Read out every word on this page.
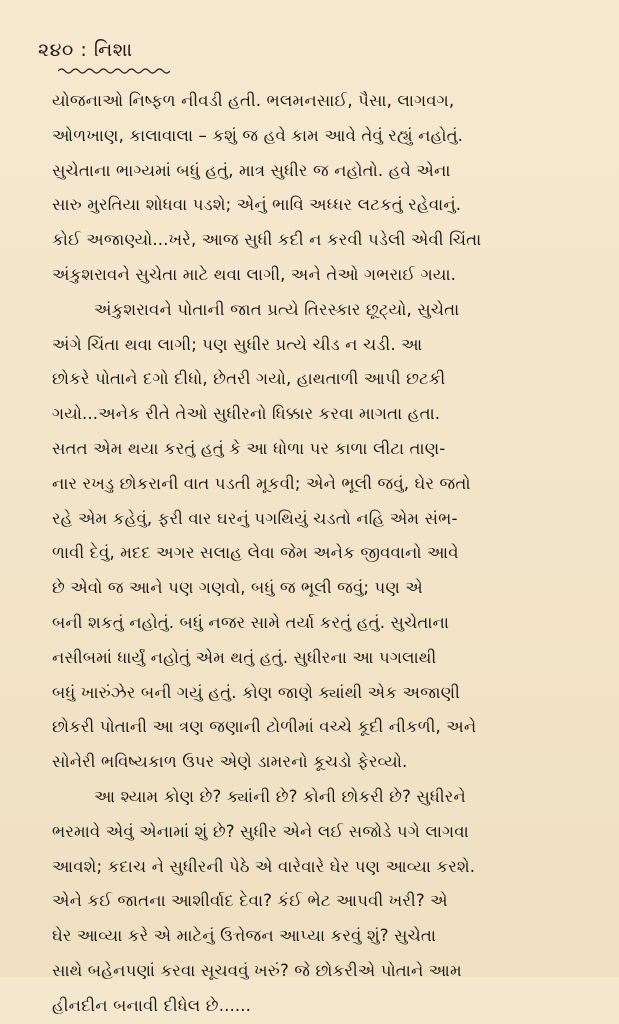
૨૪૦ : નિશા
યોજનાઓ નિષ્ફળ નીવડી હતી. ભલમનસાઈ, પૈસા, લાગવગ,
ઓળખાણ, કાલાવાલા – કશું જ હવે કામ આવે તેવું રહ્યું નહોતું.
સુચેતાના ભાગ્યમાં બધું હતું, માત્ર સુધીર જ નહોતો. હવે એના
સારુ મુરતિયા શોધવા પડશે; એનું ભાવિ અધ્ધર લટકતું રહેવાનું.
કોઈ અજાણ્યો...ખરે, આજ સુધી કદી ન કરવી પડેલી એવી ચિંતા
અંકુશરાવને સુચેતા માટે થવા લાગી, અને તેઓ ગભરાઈ ગયા.
અંકુશરાવને પોતાની જાત પ્રત્યે તિરસ્કાર છૂટ્યો, સુચેતા
અંગે ચિંતા થવા લાગી; પણ સુધીર પ્રત્યે ચીડ ન ચડી. આ
છોકરે પોતાને દગો દીધો, છેતરી ગયો, હાથતાળી આપી છટકી
ગયો...અનેક રીતે તેઓ સુધીરનો ધિક્કાર કરવા માગતા હતા.
સતત એમ થયા કરતું હતું કે આ ધોળા પર કાળા લીટા તાણ-
નાર રખડુ છોકરાની વાત પડતી મૂકવી; એને ભૂલી જવું, ઘેર જતો
રહે એમ કહેવું, ફરી વાર ઘરનું પગથિયું ચડતો નહિ એમ સંભ-
ળાવી દેવું, મદદ અગર સલાહ લેવા જેમ અનેક જીવવાનો આવે
છે એવો જ આને પણ ગણવો, બધું જ ભૂલી જવું; પણ એ
બની શકતું નહોતું. બધું નજર સામે તર્યા કરતું હતું. સુચેતાના
નસીબમાં ધાર્યું નહોતું એમ થતું હતું. સુધીરના આ પગલાથી
બધું ખારુંઝેર બની ગયું હતું. કોણ જાણે ક્યાંથી એક અજાણી
છોકરી પોતાની આ ત્રણ જણાની ટોળીમાં વચ્ચે કૂદી નીકળી, અને
સોનેરી ભવિષ્યકાળ ઉપર એણે ડામરનો કૂચડો ફેરવ્યો.
આ શ્યામ કોણ છે? ક્યાંની છે? કોની છોકરી છે? સુધીરને
ભરમાવે એવું એનામાં શું છે? સુધીર એને લઈ સજોડે પગે લાગવા
આવશે; કદાચ ને સુધીરની પેઠે એ વારેવારે ઘેર પણ આવ્યા કરશે.
એને કઈ જાતના આશીર્વાદ દેવા? કંઈ ભેટ આપવી ખરી? એ
ઘેર આવ્યા કરે એ માટેનું ઉત્તેજન આપ્યા કરવું શું? સુચેતા
સાથે બહેનપણાં કરવા સૂચવવું ખરું? જે છોકરીએ પોતાને આમ
હીનદીન બનાવી દીધેલ છે......
